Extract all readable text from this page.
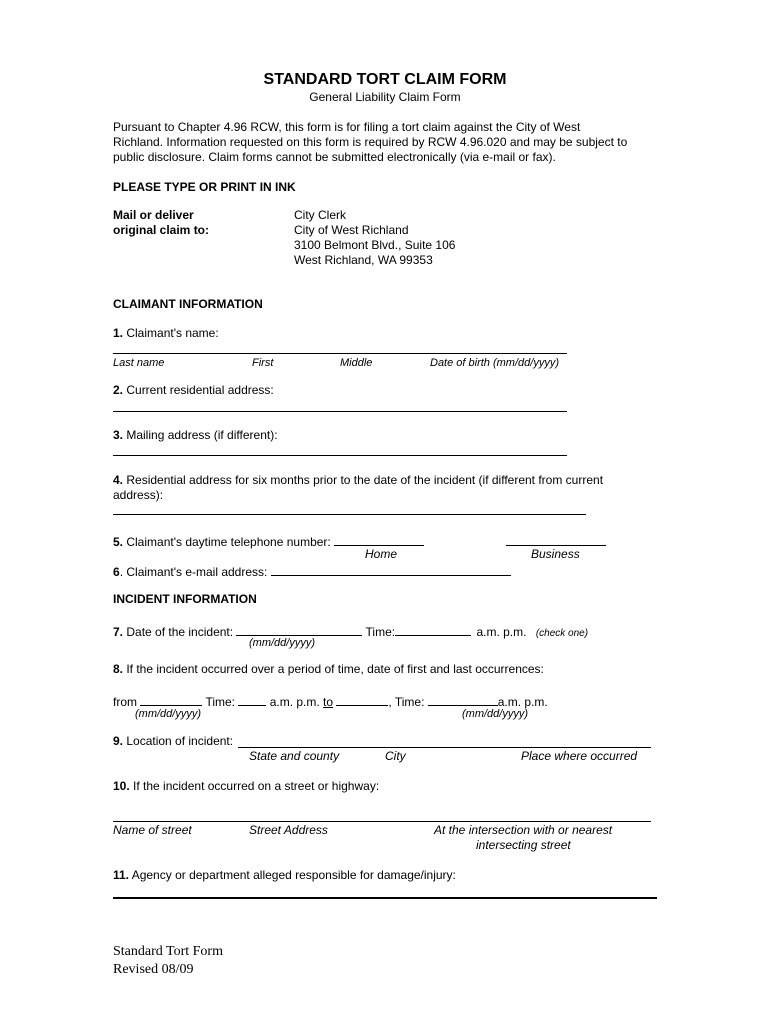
STANDARD TORT CLAIM FORM
General Liability Claim Form
Pursuant to Chapter 4.96 RCW, this form is for filing a tort claim against the City of West
Richland. Information requested on this form is required by RCW 4.96.020 and may be subject to
public disclosure. Claim forms cannot be submitted electronically (via e-mail or fax).
PLEASE TYPE OR PRINT IN INK
Mail or deliver
original claim to:
City Clerk
City of West Richland
3100 Belmont Blvd., Suite 106
West Richland, WA 99353
CLAIMANT INFORMATION
1. Claimant's name:
Last name	First	Middle	Date of birth (mm/dd/yyyy)
2. Current residential address:
3. Mailing address (if different):
4. Residential address for six months prior to the date of the incident (if different from current
address):
5. Claimant's daytime telephone number:
Home	Business
6. Claimant's e-mail address:
INCIDENT INFORMATION
7. Date of the incident:	Time:	a.m. p.m. (check one)
(mm/dd/yyyy)
8. If the incident occurred over a period of time, date of first and last occurrences:
from	Time:  a.m. p.m. to	, Time:	a.m. p.m.
(mm/dd/yyyy)	(mm/dd/yyyy)
9. Location of incident:
State and county	City	Place where occurred
10. If the incident occurred on a street or highway:
Name of street	Street Address	At the intersection with or nearest
intersecting street
11. Agency or department alleged responsible for damage/injury:
Standard Tort Form
Revised 08/09
